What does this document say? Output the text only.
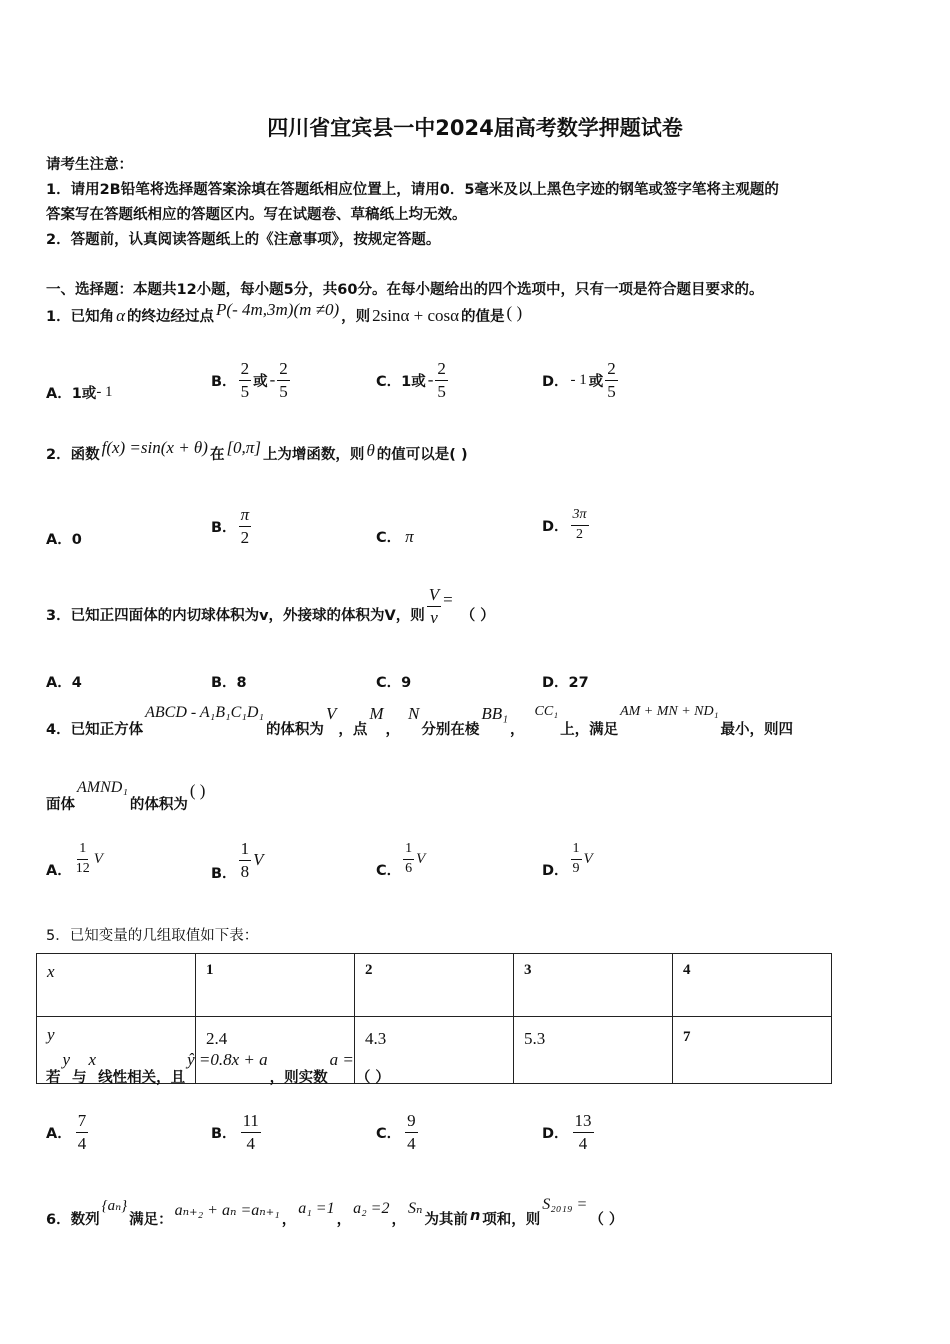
四川省宜宾县一中2024届高考数学押题试卷
请考生注意：
1．请用2B铅笔将选择题答案涂填在答题纸相应位置上，请用0．5毫米及以上黑色字迹的钢笔或签字笔将主观题的
答案写在答题纸相应的答题区内。写在试题卷、草稿纸上均无效。
2．答题前，认真阅读答题纸上的《注意事项》，按规定答题。
一、选择题：本题共12小题，每小题5分，共60分。在每小题给出的四个选项中，只有一项是符合题目要求的。
1．已知角 α 的终边经过点 P(- 4m,3m)(m ≠0) ，则 2sinα + cosα 的值是 ( )
A．1或 - 1
B． $\frac{2}{5}$ 或 - $\frac{2}{5}$	C．1或 - $\frac{2}{5}$	D． - 1 或 $\frac{2}{5}$
2．函数 f(x) =sin(x + θ) 在 [0,π] 上为增函数，则 θ 的值可以是( )
A．0
B． $\frac{\pi}{2}$	C． π	D． $\frac{3\pi}{2}$
3．已知正四面体的内切球体积为v，外接球的体积为V，则 $\frac{V}{v}$ =
（ ）
A．4	B．8	C．9	D．27
4．已知正方体
ABCD - A₁B₁C₁D₁
的体积为
V
，点
M
，
N
分别在棱
BB₁
，
CC₁
上，满足
AM + MN + ND₁
最小，则四
面体
AMND₁
的体积为
( )
A． $\frac{1}{12}$ V
B． $\frac{1}{8}$ V
C． $\frac{1}{6}$ V
D． $\frac{1}{9}$ V
5．已知变量的几组取值如下表：
x	1	2	3	4
y	2.4	4.3	5.3	7
若
y
与
x
线性相关，且
ŷ =0.8x + a
，则实数
a =
（ ）
A． $\frac{7}{4}$	B． $\frac{11}{4}$	C． $\frac{9}{4}$	D． $\frac{13}{4}$
6．数列
{aₙ}
满足：
aₙ₊₂ + aₙ =aₙ₊₁
，
a₁ =1
，
a₂ =2
，
Sₙ
为其前 n 项和，则
S₂₀₁₉ =
（ ）
